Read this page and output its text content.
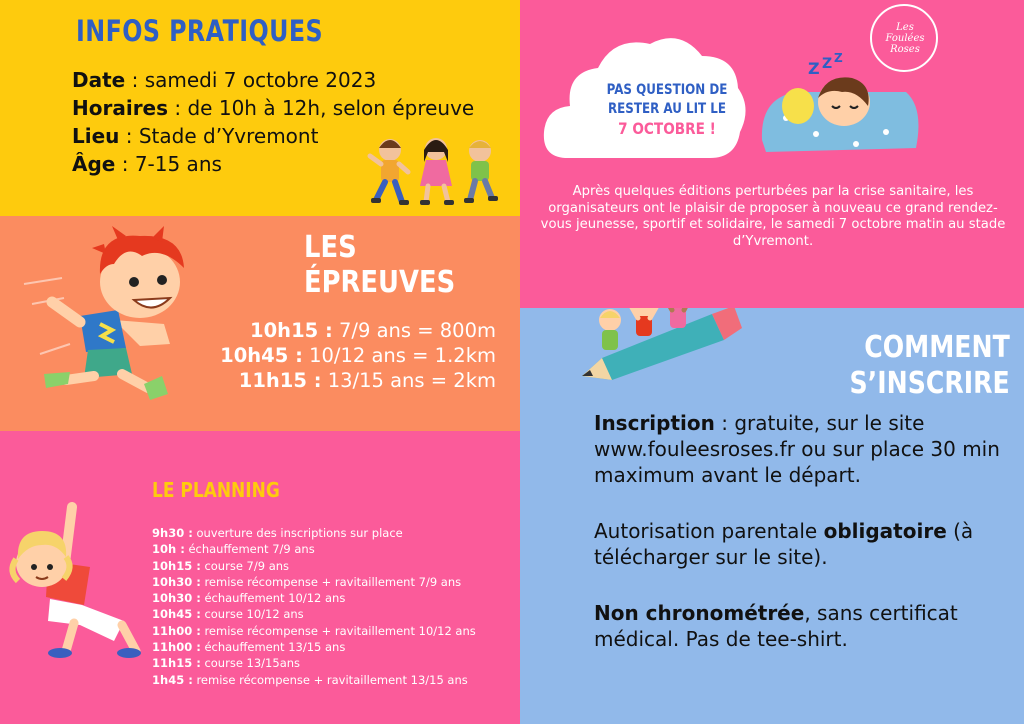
INFOS PRATIQUES
Date : samedi 7 octobre 2023
Horaires : de 10h à 12h, selon épreuve
Lieu : Stade d’Yvremont
Âge : 7-15 ans
LES ÉPREUVES
10h15 : 7/9 ans = 800m
10h45 : 10/12 ans = 1.2km
11h15 : 13/15 ans = 2km
LE PLANNING
9h30 : ouverture des inscriptions sur place
10h : échauffement 7/9 ans
10h15 : course 7/9 ans
10h30 : remise récompense + ravitaillement 7/9 ans
10h30 : échauffement 10/12 ans
10h45 : course 10/12 ans
11h00 : remise récompense + ravitaillement 10/12 ans
11h00 : échauffement 13/15 ans
11h15 : course 13/15ans
1h45 : remise récompense + ravitaillement 13/15 ans
PAS QUESTION DE
RESTER AU LIT LE
7 OCTOBRE !
Z Z Z
Les Foulées Roses

Après quelques éditions perturbées par la crise sanitaire, les organisateurs ont le plaisir de proposer à nouveau ce grand rendez-vous jeunesse, sportif et solidaire, le samedi 7 octobre matin au stade d’Yvremont.

COMMENT
S’INSCRIRE
Inscription : gratuite, sur le site www.fouleesroses.fr ou sur place 30 min maximum avant le départ.
Autorisation parentale obligatoire (à télécharger sur le site).
Non chronométrée, sans certificat médical. Pas de tee-shirt.
